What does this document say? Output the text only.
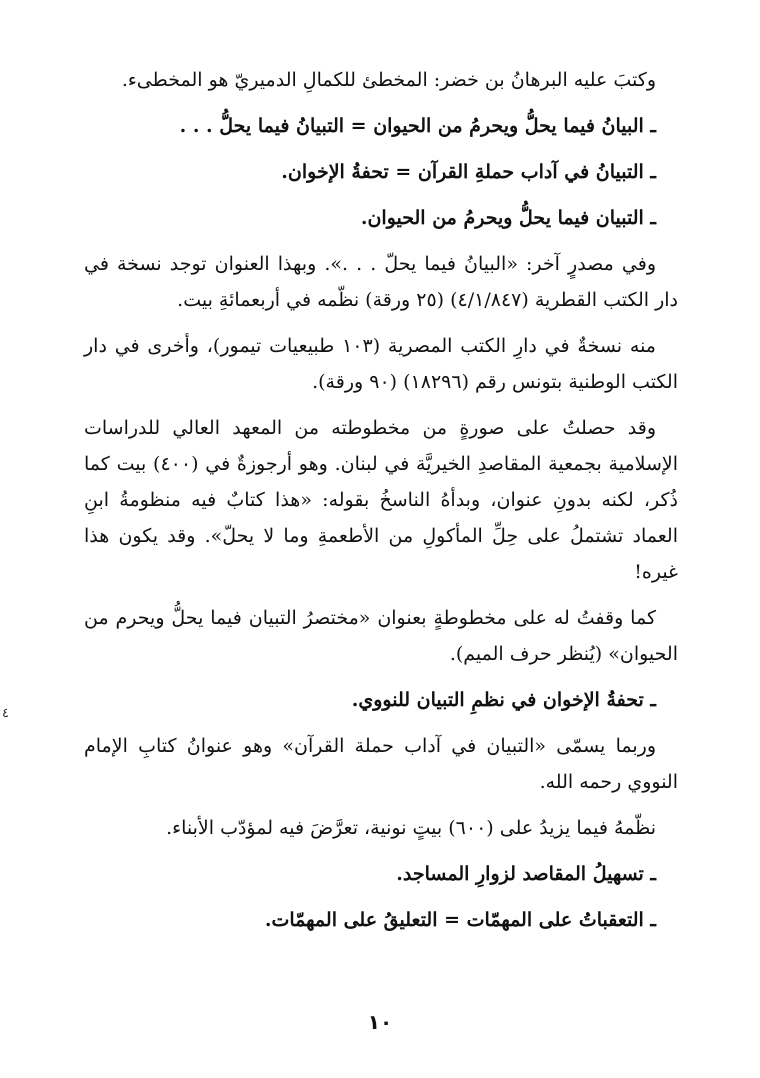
وكتبَ عليه البرهانُ بن خضر: المخطئ للكمالِ الدميريّ هو المخطىء.

ـ البيانُ فيما يحلُّ ويحرمُ من الحيوان = التبيانُ فيما يحلُّ . . .

ـ التبيانُ في آداب حملةِ القرآن = تحفةُ الإخوان.

ـ التبيان فيما يحلُّ ويحرمُ من الحيوان.

وفي مصدرٍ آخر: «البيانُ فيما يحلّ . . .». وبهذا العنوان توجد نسخة في دار الكتب القطرية (٤/١/٨٤٧) (٢٥ ورقة) نظّمه في أربعمائةِ بيت.

منه نسخةٌ في دارِ الكتب المصرية (١٠٣ طبيعيات تيمور)، وأخرى في دار الكتب الوطنية بتونس رقم (١٨٢٩٦) (٩٠ ورقة).

وقد حصلتُ على صورةٍ من مخطوطته من المعهد العالي للدراسات الإسلامية بجمعية المقاصدِ الخيريَّة في لبنان. وهو أرجوزةٌ في (٤٠٠) بيت كما ذُكر، لكنه بدونِ عنوان، وبدأهُ الناسخُ بقوله: «هذا كتابٌ فيه منظومةُ ابنِ العماد تشتملُ على حِلِّ المأكولِ من الأطعمةِ وما لا يحلّ». وقد يكون هذا غيره!

كما وقفتُ له على مخطوطةٍ بعنوان «مختصرُ التبيان فيما يحلُّ ويحرم من الحيوان» (يُنظر حرف الميم).

ـ تحفةُ الإخوان في نظمِ التبيان للنووي.

وربما يسمّى «التبيان في آداب حملة القرآن» وهو عنوانُ كتابِ الإمام النووي رحمه الله.

نظّمهُ فيما يزيدُ على (٦٠٠) بيتٍ نونية، تعرَّضَ فيه لمؤدّب الأبناء.

ـ تسهيلُ المقاصد لزوارِ المساجد.

ـ التعقباتُ على المهمّات = التعليقُ على المهمّات.

٤
١٠
